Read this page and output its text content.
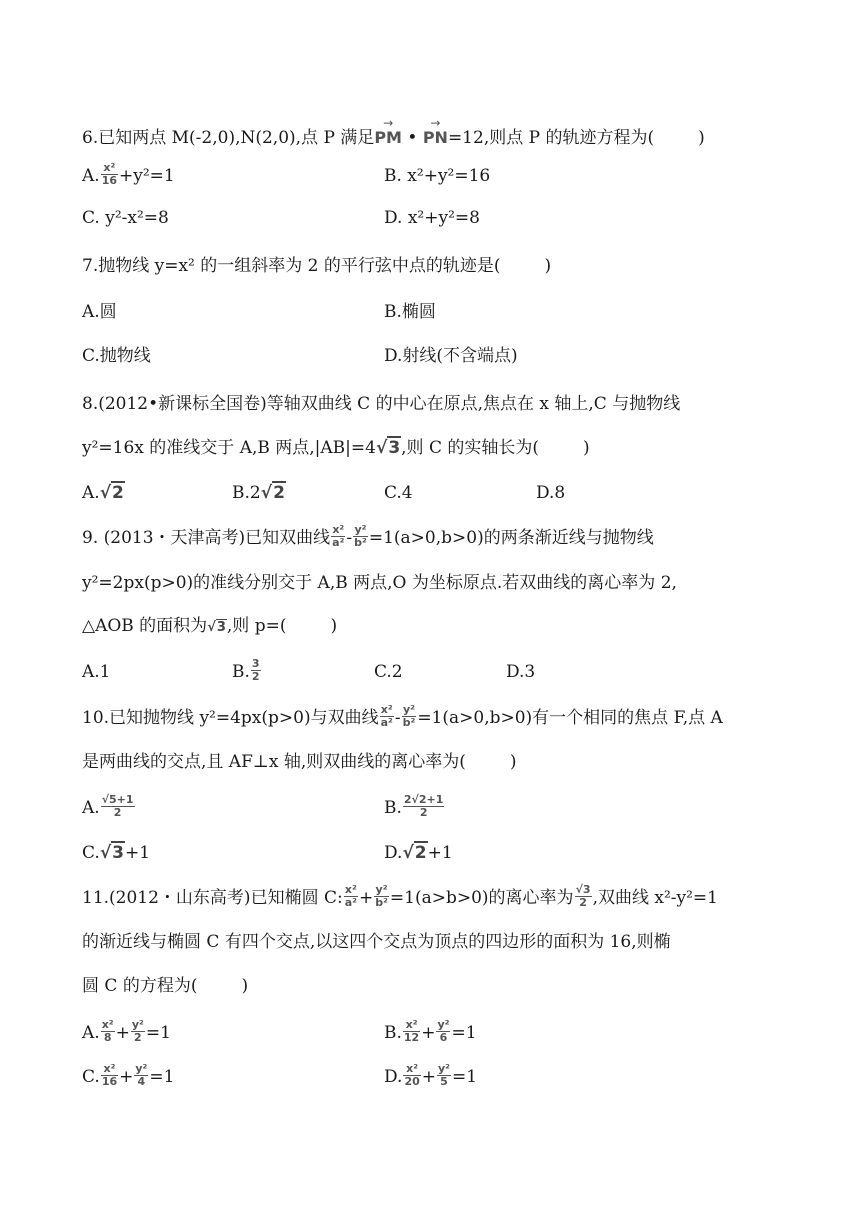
6.已知两点 M(-2,0),N(2,0),点 P 满足→ PM • → PN=12,则点 P 的轨迹方程为(	)
A. $\frac{\text{x²}}{16} +y^2=1$	B. x²+y²=16
C. y²-x²=8	D. x²+y²=8
7.抛物线 y=x² 的一组斜率为 2 的平行弦中点的轨迹是(	)
A.圆	B.椭圆
C.抛物线	D.射线(不含端点)
8.(2012•新课标全国卷)等轴双曲线 C 的中心在原点,焦点在 x 轴上,C 与抛物线
y²=16x 的准线交于 A,B 两点,|AB|=4√3,则 C 的实轴长为(	)
A.√2	B.2√2	C.4	D.8
9. (2013・天津高考)已知双曲线 $\frac{\text{x²}}{\text{a²}} - \frac{\text{y²}}{\text{b²}} =1(a>0,b>0)$的两条渐近线与抛物线
y²=2px(p>0)的准线分别交于 A,B 两点,O 为坐标原点.若双曲线的离心率为 2,
△AOB 的面积为√3,则 p=(	)
A.1	B. $\frac{3}{2}$	C.2	D.3
10.已知抛物线 y²=4px(p>0)与双曲线 $\frac{\text{x²}}{\text{a²}} - \frac{\text{y²}}{\text{b²}} =1(a>0,b>0)$有一个相同的焦点 F,点 A
是两曲线的交点,且 AF⊥x 轴,则双曲线的离心率为(	)
A. $\frac{√5+1}{2}$	B. $\frac{2√2+1}{2}$
C.√3+1	D.√2+1
11.(2012・山东高考)已知椭圆 C: $\frac{\text{x²}}{\text{a²}} + \frac{\text{y²}}{\text{b²}} =1(a>b>0)$的离心率为 $\frac{√3}{2}$ ,双曲线 x²-y²=1
的渐近线与椭圆 C 有四个交点,以这四个交点为顶点的四边形的面积为 16,则椭
圆 C 的方程为(	)
A. $\frac{\text{x²}}{8} + \frac{\text{y²}}{2} =1$	B. $\frac{\text{x²}}{12} + \frac{\text{y²}}{6} =1$
C. $\frac{\text{x²}}{16} + \frac{\text{y²}}{4} =1$	D. $\frac{\text{x²}}{20} + \frac{\text{y²}}{5} =1$
